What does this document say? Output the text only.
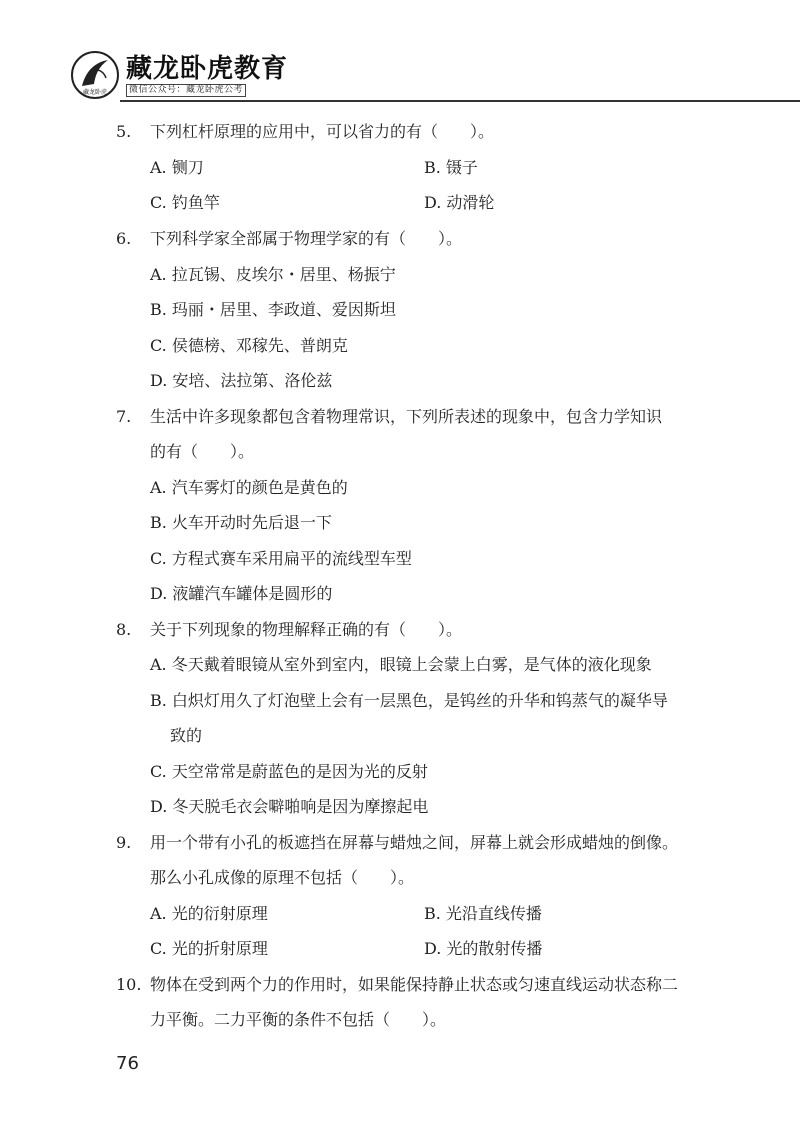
藏龙卧虎
藏龙卧虎教育
微信公众号：藏龙卧虎公考
5. 下列杠杆原理的应用中，可以省力的有（　　）。
A. 铡刀	B. 镊子
C. 钓鱼竿	D. 动滑轮
6. 下列科学家全部属于物理学家的有（　　）。
A. 拉瓦锡、皮埃尔・居里、杨振宁
B. 玛丽・居里、李政道、爱因斯坦
C. 侯德榜、邓稼先、普朗克
D. 安培、法拉第、洛伦兹
7. 生活中许多现象都包含着物理常识，下列所表述的现象中，包含力学知识
的有（　　）。
A. 汽车雾灯的颜色是黄色的
B. 火车开动时先后退一下
C. 方程式赛车采用扁平的流线型车型
D. 液罐汽车罐体是圆形的
8. 关于下列现象的物理解释正确的有（　　）。
A. 冬天戴着眼镜从室外到室内，眼镜上会蒙上白雾，是气体的液化现象
B. 白炽灯用久了灯泡壁上会有一层黑色，是钨丝的升华和钨蒸气的凝华导
致的
C. 天空常常是蔚蓝色的是因为光的反射
D. 冬天脱毛衣会噼啪响是因为摩擦起电
9. 用一个带有小孔的板遮挡在屏幕与蜡烛之间，屏幕上就会形成蜡烛的倒像。
那么小孔成像的原理不包括（　　）。
A. 光的衍射原理	B. 光沿直线传播
C. 光的折射原理	D. 光的散射传播
10. 物体在受到两个力的作用时，如果能保持静止状态或匀速直线运动状态称二
力平衡。二力平衡的条件不包括（　　）。
76
